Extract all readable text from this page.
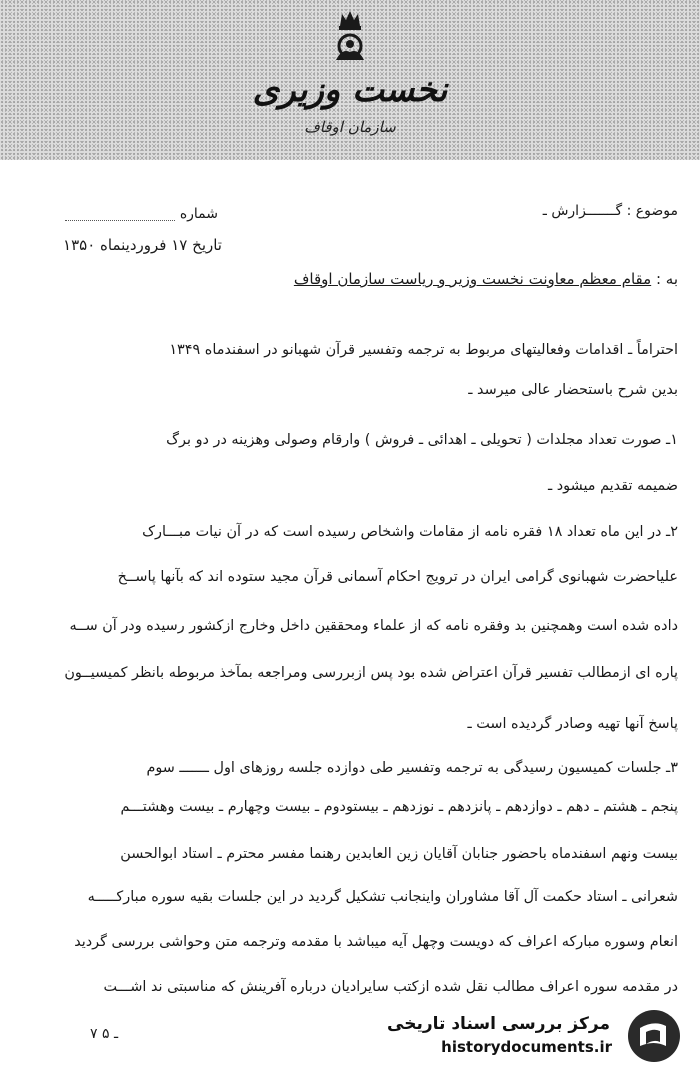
نخست وزیری
سازمان اوقاف
موضوع : گـــــــزارش ـ
شماره
تاریخ ۱۷ فروردینماه ۱۳۵۰
به : مقام معظم معاونت نخست وزیر و ریاست سازمان اوقاف
احتراماً ـ اقدامات وفعالیتهای مربوط به ترجمه وتفسیر قرآن شهبانو در اسفندماه ۱۳۴۹
بدین شرح باستحضار عالی میرسد ـ
۱ـ صورت تعداد مجلدات ( تحویلی ـ اهدائی ـ فروش ) وارقام وصولی وهزینه در دو برگ
ضمیمه تقدیم میشود ـ
۲ـ در این ماه تعداد ۱۸ فقره نامه از مقامات واشخاص رسیده است که در آن نیات مبـــارک
علیاحضرت شهبانوی گرامی ایران در ترویج احکام آسمانی قرآن مجید ستوده اند که بآنها پاســخ
داده شده است وهمچنین بد وفقره نامه که از علماء ومحققین داخل وخارج ازکشور رسیده ودر آن ســه
پاره ای ازمطالب تفسیر قرآن اعتراض شده بود پس ازبررسی ومراجعه بمآخذ مربوطه بانظر کمیسیــون
پاسخ آنها تهیه وصادر گردیده است ـ
۳ـ جلسات کمیسیون رسیدگی به ترجمه وتفسیر طی دوازده جلسه روزهای اول ـــــــ سوم
پنجم ـ هشتم ـ دهم ـ دوازدهم ـ پانزدهم ـ نوزدهم ـ بیستودوم ـ بیست وچهارم ـ بیست وهشتـــم
بیست ونهم اسفندماه باحضور جنابان آقایان زین العابدین رهنما مفسر محترم ـ استاد ابوالحسن
شعرانی ـ استاد حکمت آل آقا مشاوران واینجانب تشکیل گردید در این جلسات بقیه سوره مبارکـــــه
انعام وسوره مبارکه اعراف که دویست وچهل آیه میباشد با مقدمه وترجمه متن وحواشی بررسی گردید
در مقدمه سوره اعراف مطالب نقل شده ازکتب سایرادیان درباره آفرینش که مناسبتی ند اشـــت
۷ ـ ۵	مرکز بررسی اسناد تاریخی
historydocuments.ir
